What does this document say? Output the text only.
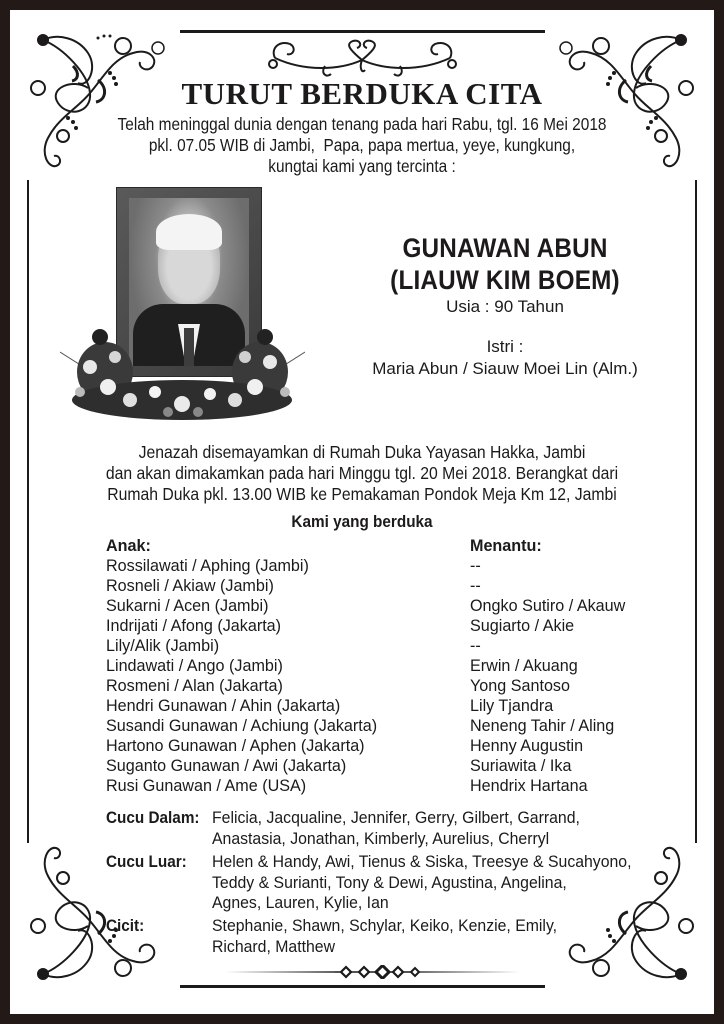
TURUT BERDUKA CITA
Telah meninggal dunia dengan tenang pada hari Rabu, tgl. 16 Mei 2018
pkl. 07.05 WIB di Jambi,  Papa, papa mertua, yeye, kungkung,
kungtai kami yang tercinta :
GUNAWAN ABUN
(LIAUW KIM BOEM)
Usia : 90 Tahun
Istri :
Maria Abun / Siauw Moei Lin (Alm.)
Jenazah disemayamkan di Rumah Duka Yayasan Hakka, Jambi
dan akan dimakamkan pada hari Minggu tgl. 20 Mei 2018. Berangkat dari
Rumah Duka pkl. 13.00 WIB ke Pemakaman Pondok Meja Km 12, Jambi
Kami yang berduka
Anak:
Rossilawati / Aphing (Jambi)
Rosneli / Akiaw (Jambi)
Sukarni / Acen (Jambi)
Indrijati / Afong (Jakarta)
Lily/Alik (Jambi)
Lindawati / Ango (Jambi)
Rosmeni / Alan (Jakarta)
Hendri Gunawan / Ahin (Jakarta)
Susandi Gunawan / Achiung (Jakarta)
Hartono Gunawan / Aphen (Jakarta)
Suganto Gunawan / Awi (Jakarta)
Rusi Gunawan / Ame (USA)
Menantu:
--
--
Ongko Sutiro / Akauw
Sugiarto / Akie
--
Erwin / Akuang
Yong Santoso
Lily Tjandra
Neneng Tahir / Aling
Henny Augustin
Suriawita / Ika
Hendrix Hartana
Cucu Dalam: Felicia, Jacqualine, Jennifer, Gerry, Gilbert, Garrand,
Anastasia, Jonathan, Kimberly, Aurelius, Cherryl
Cucu Luar: Helen & Handy, Awi, Tienus & Siska, Treesye & Sucahyono,
Teddy & Surianti, Tony & Dewi, Agustina, Angelina,
Agnes, Lauren, Kylie, Ian
Cicit:	Stephanie, Shawn, Schylar, Keiko, Kenzie, Emily,
Richard, Matthew
